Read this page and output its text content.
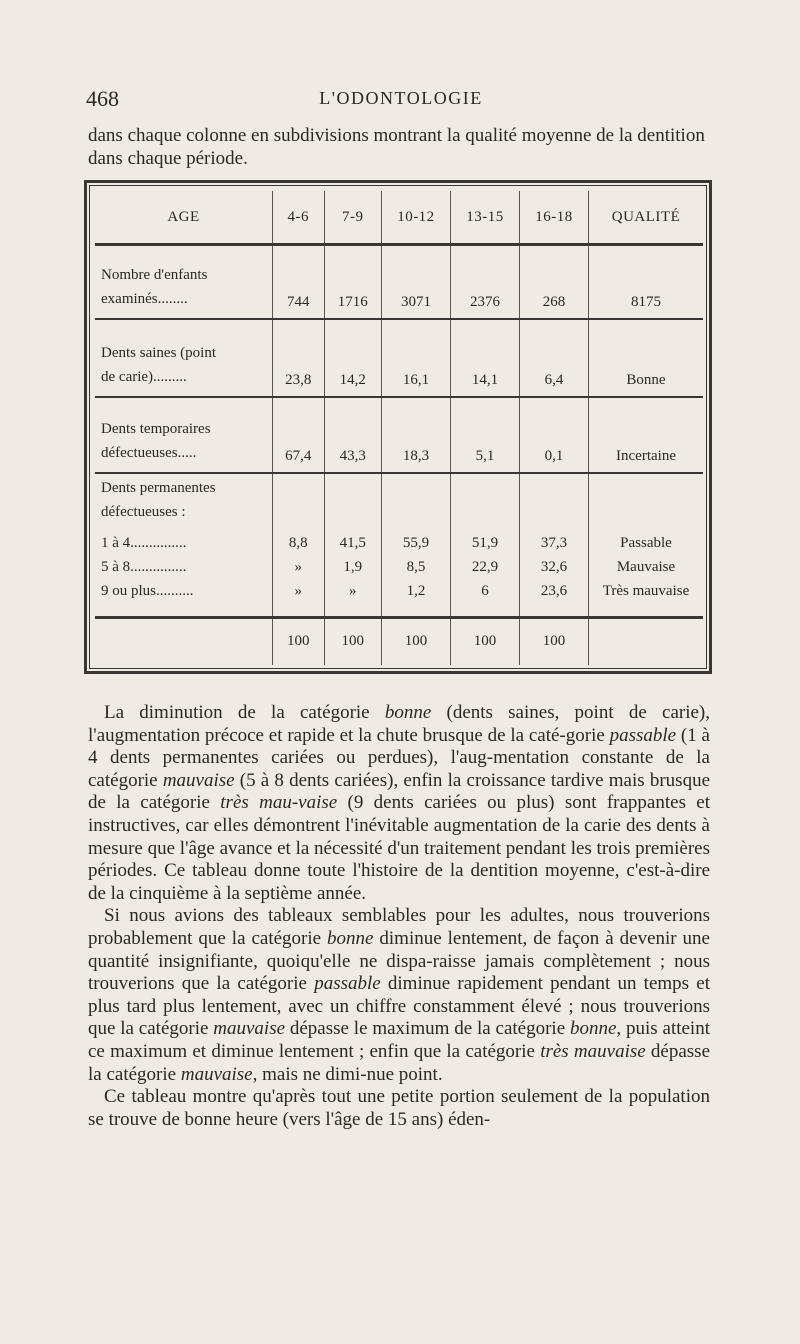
468	L'ODONTOLOGIE

dans chaque colonne en subdivisions montrant la qualité moyenne de la dentition dans chaque période.

AGE	4-6	7-9	10-12	13-15	16-18	QUALITÉ
Nombre d'enfants
examinés........	744	1716	3071	2376	268	8175
Dents saines (point
de carie).........	23,8	14,2	16,1	14,1	6,4	Bonne
Dents temporaires
défectueuses.....	67,4	43,3	18,3	5,1	0,1	Incertaine
Dents permanentes
défectueuses :						
1 à 4...............	8,8	41,5	55,9	51,9	37,3	Passable
5 à 8...............	»	1,9	8,5	22,9	32,6	Mauvaise
9 ou plus..........	»	»	1,2	6	23,6	Très mauvaise

	100	100	100	100	100	

La diminution de la catégorie bonne (dents saines, point de carie), l'augmentation précoce et rapide et la chute brusque de la caté-gorie passable (1 à 4 dents permanentes cariées ou perdues), l'aug-mentation constante de la catégorie mauvaise (5 à 8 dents cariées), enfin la croissance tardive mais brusque de la catégorie très mau-vaise (9 dents cariées ou plus) sont frappantes et instructives, car elles démontrent l'inévitable augmentation de la carie des dents à mesure que l'âge avance et la nécessité d'un traitement pendant les trois premières périodes. Ce tableau donne toute l'histoire de la dentition moyenne, c'est-à-dire de la cinquième à la septième année.

Si nous avions des tableaux semblables pour les adultes, nous trouverions probablement que la catégorie bonne diminue lentement, de façon à devenir une quantité insignifiante, quoiqu'elle ne dispa-raisse jamais complètement ; nous trouverions que la catégorie passable diminue rapidement pendant un temps et plus tard plus lentement, avec un chiffre constamment élevé ; nous trouverions que la catégorie mauvaise dépasse le maximum de la catégorie bonne, puis atteint ce maximum et diminue lentement ; enfin que la catégorie très mauvaise dépasse la catégorie mauvaise, mais ne dimi-nue point.

Ce tableau montre qu'après tout une petite portion seulement de la population se trouve de bonne heure (vers l'âge de 15 ans) éden-
